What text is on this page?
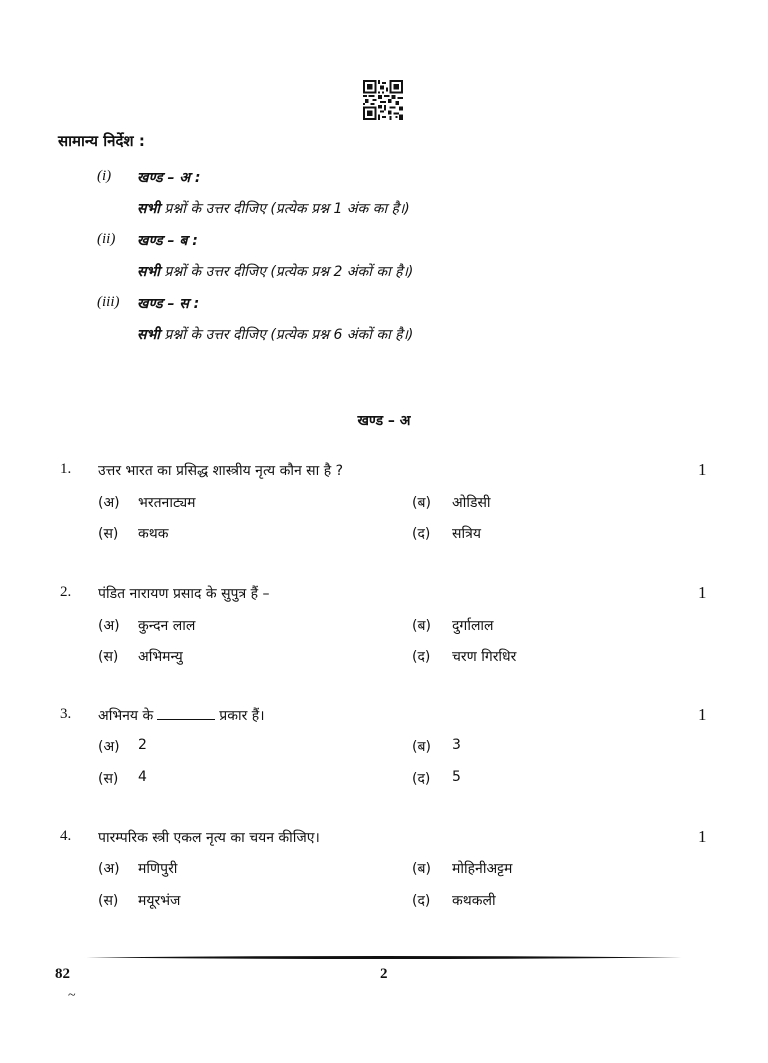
सामान्य निर्देश :
(i) खण्ड – अ :
सभी प्रश्नों के उत्तर दीजिए (प्रत्येक प्रश्न 1 अंक का है।)
(ii) खण्ड – ब :
सभी प्रश्नों के उत्तर दीजिए (प्रत्येक प्रश्न 2 अंकों का है।)
(iii) खण्ड – स :
सभी प्रश्नों के उत्तर दीजिए (प्रत्येक प्रश्न 6 अंकों का है।)
खण्ड – अ
1. उत्तर भारत का प्रसिद्ध शास्त्रीय नृत्य कौन सा है ?	1
(अ) भरतनाट्यम	(ब) ओडिसी
(स) कथक	(द) सत्रिय
2. पंडित नारायण प्रसाद के सुपुत्र हैं –	1
(अ) कुन्दन लाल	(ब) दुर्गालाल
(स) अभिमन्यु	(द) चरण गिरधिर
3. अभिनय के	प्रकार हैं।	1
(अ) 2	(ब) 3
(स) 4	(द) 5
4. पारम्परिक स्त्री एकल नृत्य का चयन कीजिए।	1
(अ) मणिपुरी	(ब) मोहिनीअट्टम
(स) मयूरभंज	(द) कथकली
82	2
~
